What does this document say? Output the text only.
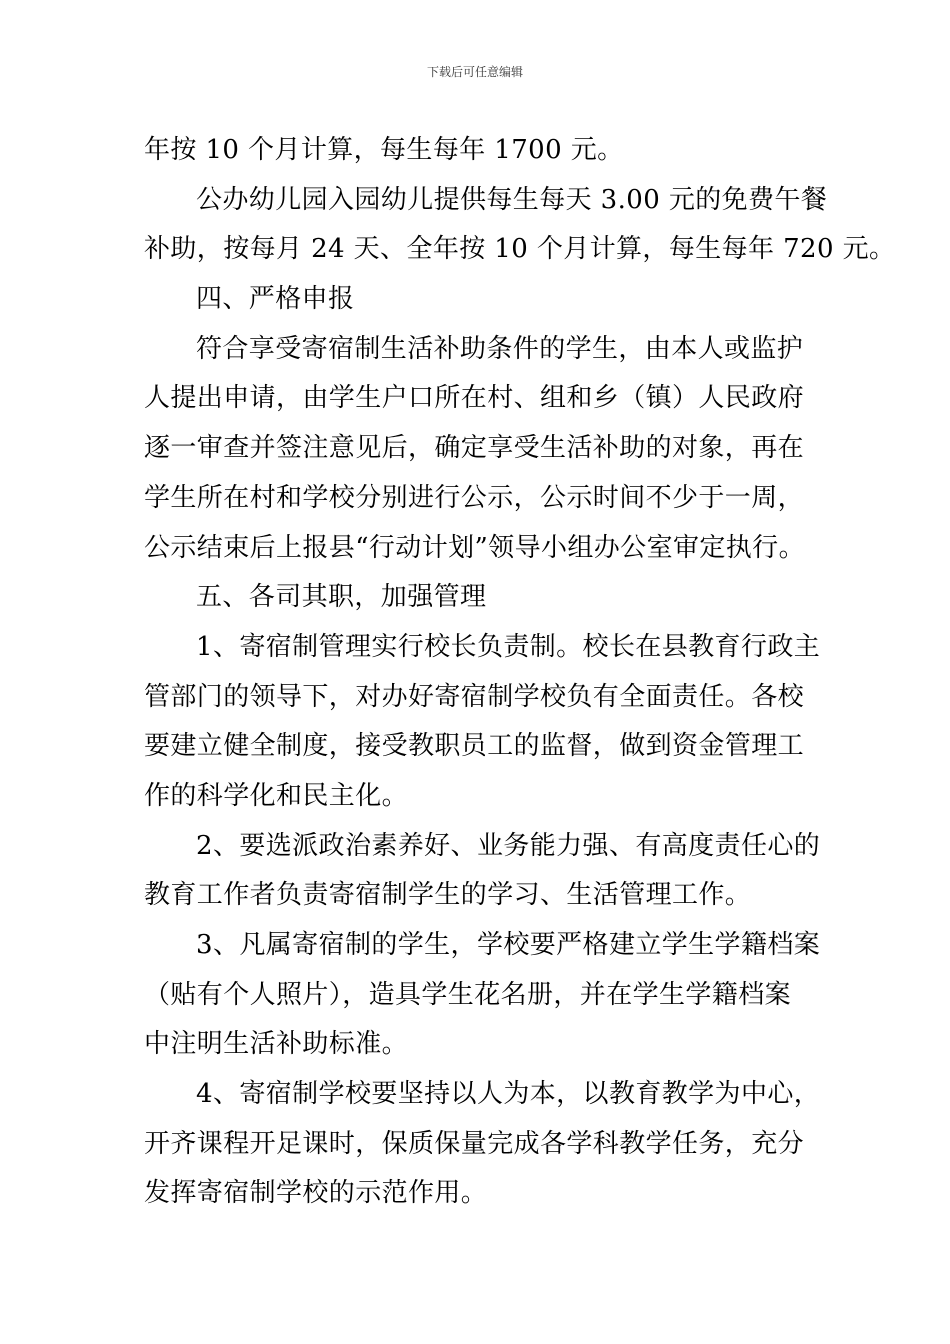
下载后可任意编辑
年按 10 个月计算，每生每年 1700 元。
公办幼儿园入园幼儿提供每生每天 3.00 元的免费午餐
补助，按每月 24 天、全年按 10 个月计算，每生每年 720 元。
四、严格申报
符合享受寄宿制生活补助条件的学生，由本人或监护
人提出申请，由学生户口所在村、组和乡（镇）人民政府
逐一审查并签注意见后，确定享受生活补助的对象，再在
学生所在村和学校分别进行公示，公示时间不少于一周，
公示结束后上报县“行动计划”领导小组办公室审定执行。
五、各司其职，加强管理
1、寄宿制管理实行校长负责制。校长在县教育行政主
管部门的领导下，对办好寄宿制学校负有全面责任。各校
要建立健全制度，接受教职员工的监督，做到资金管理工
作的科学化和民主化。
2、要选派政治素养好、业务能力强、有高度责任心的
教育工作者负责寄宿制学生的学习、生活管理工作。
3、凡属寄宿制的学生，学校要严格建立学生学籍档案
（贴有个人照片），造具学生花名册，并在学生学籍档案
中注明生活补助标准。
4、寄宿制学校要坚持以人为本，以教育教学为中心，
开齐课程开足课时，保质保量完成各学科教学任务，充分
发挥寄宿制学校的示范作用。
